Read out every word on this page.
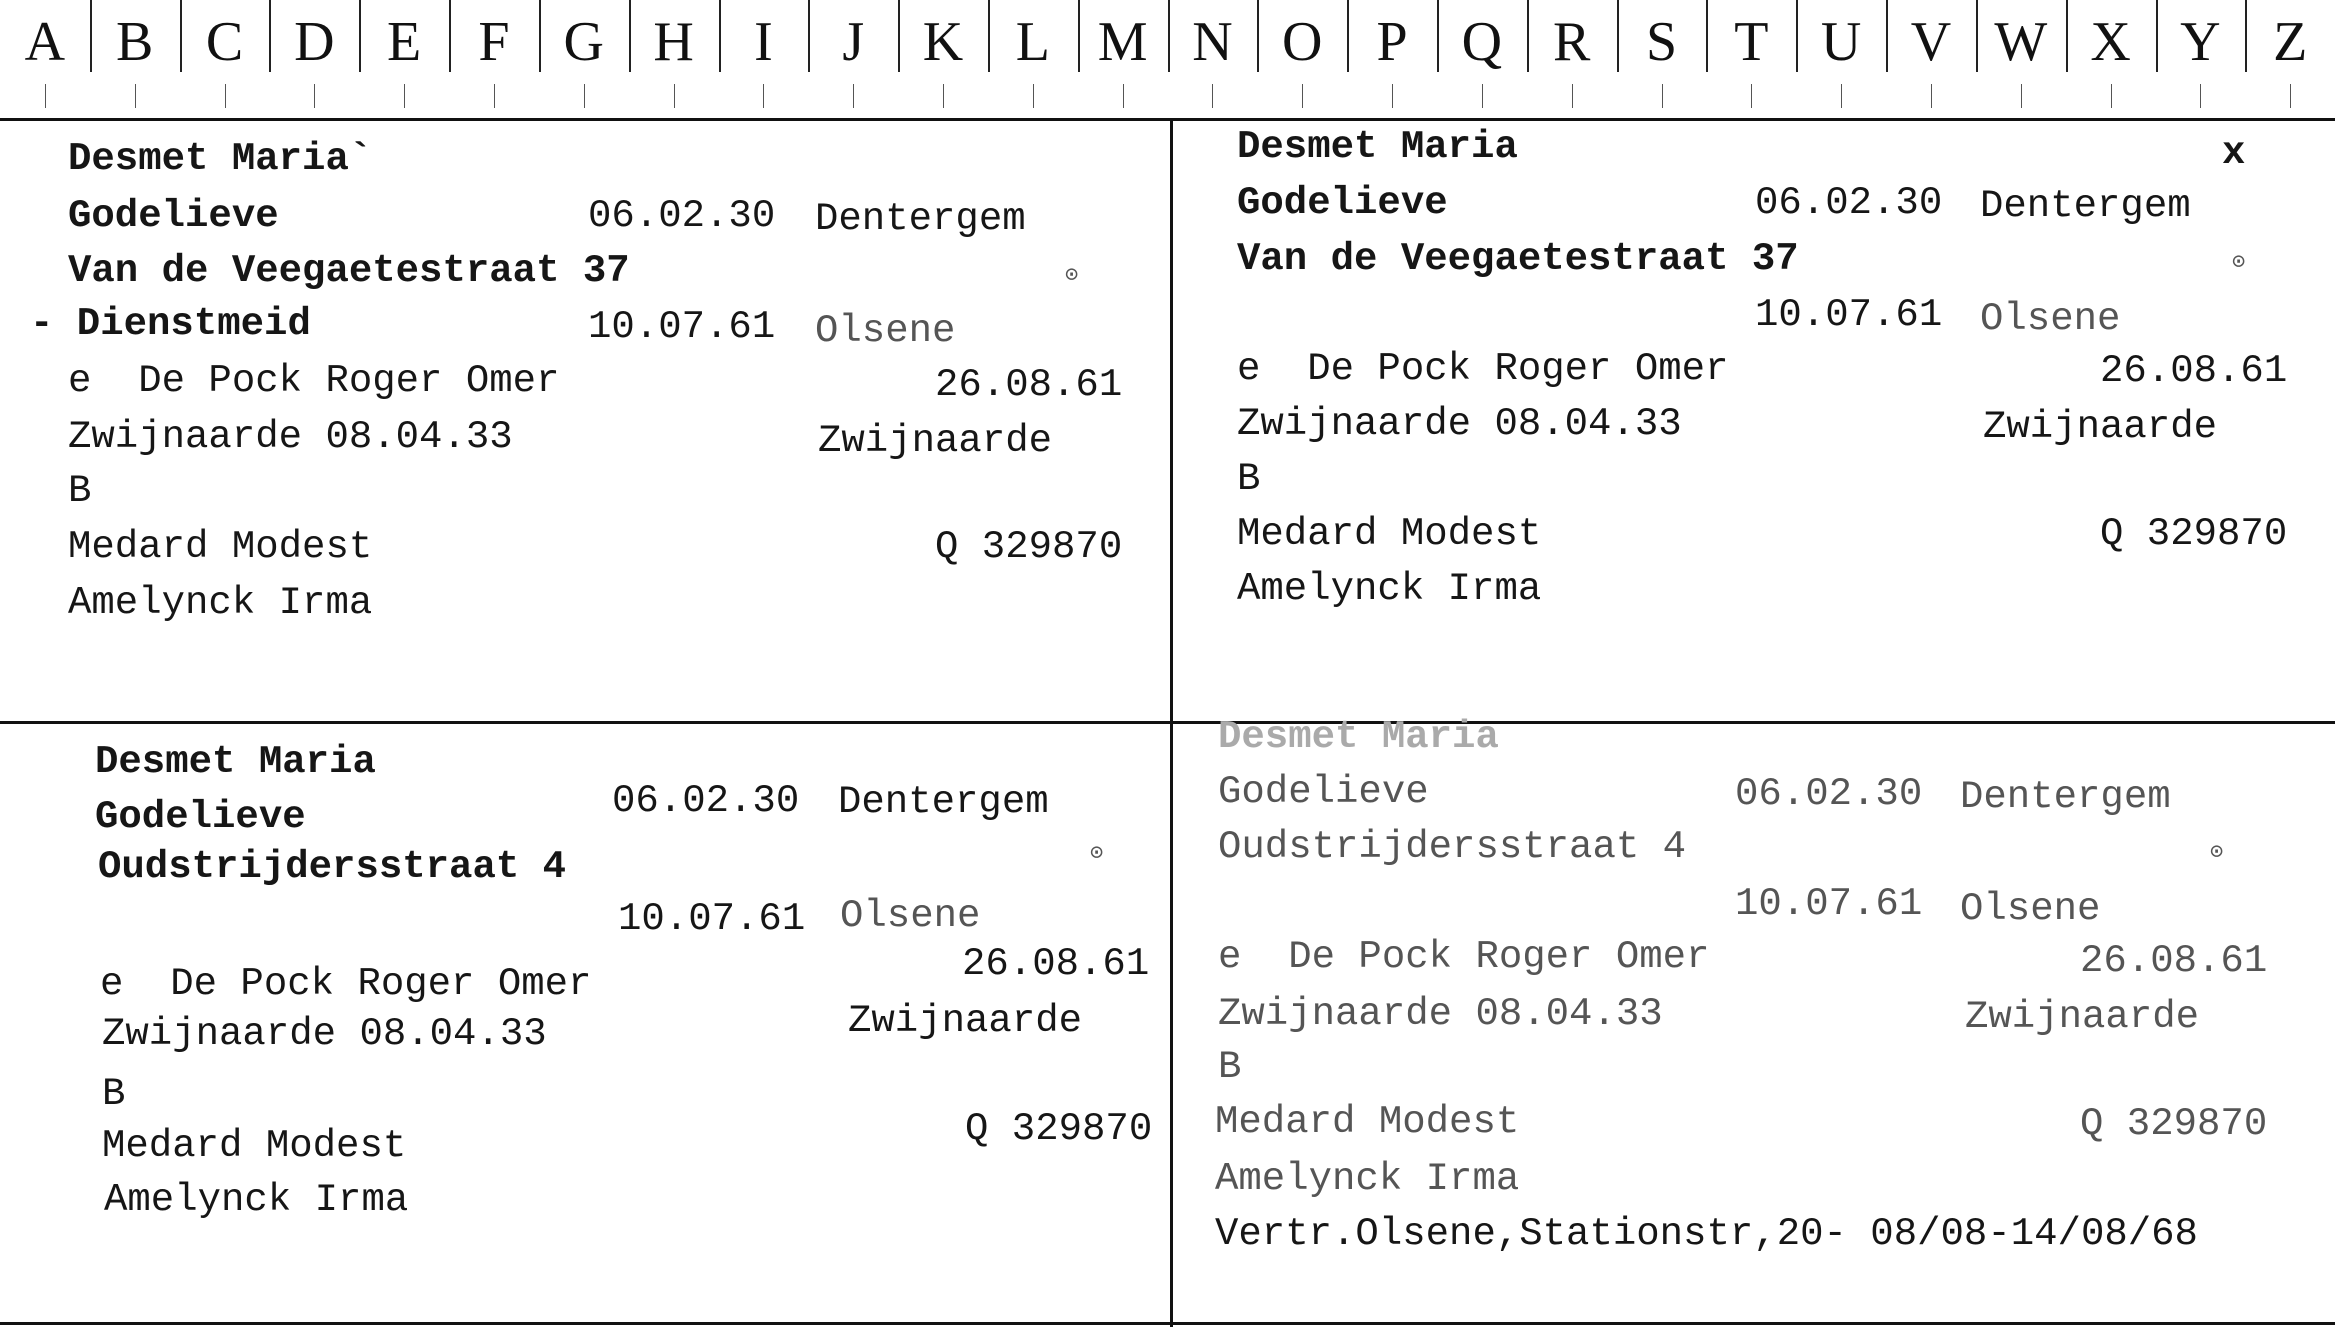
A B C D E	F G H	I	J	K L M N O P Q R S	T U V W X Y Z
Desmet Maria`
Godelieve	06.02.30 Dentergem
Van de Veegaetestraat 37	⊙
- Dienstmeid	10.07.61 Olsene
e  De Pock Roger Omer	26.08.61
Zwijnaarde 08.04.33	Zwijnaarde
B
Medard Modest	Q 329870
Amelynck Irma
Desmet Maria	x
Godelieve	06.02.30 Dentergem
Van de Veegaetestraat 37	⊙
10.07.61 Olsene
e  De Pock Roger Omer	26.08.61
Zwijnaarde 08.04.33	Zwijnaarde
B
Medard Modest	Q 329870
Amelynck Irma
Desmet Maria
Godelieve	06.02.30 Dentergem
Oudstrijdersstraat 4	⊙
10.07.61 Olsene
e  De Pock Roger Omer	26.08.61
Zwijnaarde 08.04.33	Zwijnaarde
B
Medard Modest	Q 329870
Amelynck Irma
Desmet Maria
Godelieve	06.02.30 Dentergem
Oudstrijdersstraat 4	⊙
10.07.61 Olsene
e  De Pock Roger Omer	26.08.61
Zwijnaarde 08.04.33	Zwijnaarde
B
Medard Modest	Q 329870
Amelynck Irma
Vertr.Olsene,Stationstr,20- 08/08-14/08/68
